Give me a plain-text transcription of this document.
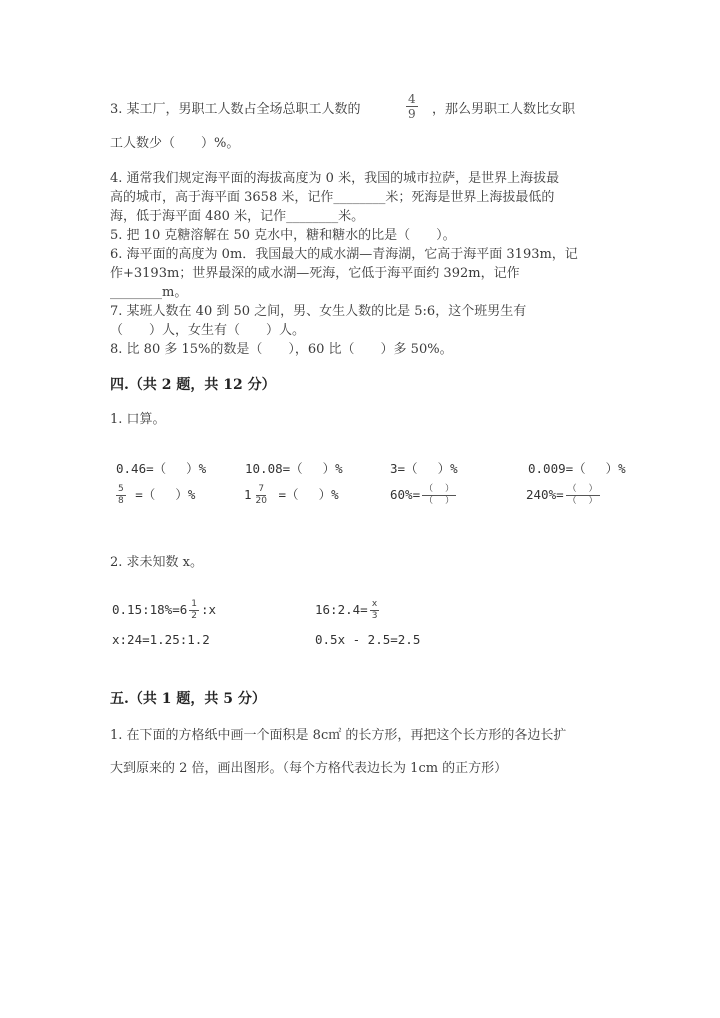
3. 某工厂，男职工人数占全场总职工人数的	$\frac{4}{9}$ ，那么男职工人数比女职
工人数少（　　）%。
4. 通常我们规定海平面的海拔高度为 0 米，我国的城市拉萨，是世界上海拔最
高的城市，高于海平面 3658 米，记作________米；死海是世界上海拔最低的
海，低于海平面 480 米，记作________米。
5. 把 10 克糖溶解在 50 克水中，糖和糖水的比是（　　）。
6. 海平面的高度为 0m．我国最大的咸水湖—青海湖，它高于海平面 3193m，记
作+3193m；世界最深的咸水湖—死海，它低于海平面约 392m，记作
________m。
7. 某班人数在 40 到 50 之间，男、女生人数的比是 5:6，这个班男生有
（　　）人，女生有（　　）人。
8. 比 80 多 15%的数是（　　），60 比（　　）多 50%。
四.（共 2 题，共 12 分）
1. 口算。
0.46=（　 ）%	10.08=（　 ）%	3=（　 ）%	0.009=（　 ）%
$\frac{5}{8}$ =（　 ）%	$1 \frac{7}{20}$ =（　 ）%	$60\%= \frac{( )}{( )}$	$240\%= \frac{( )}{( )}$
2. 求未知数 x。
0.15:18%=6 $\frac{1}{2}$ :x	16:2.4= $\frac{x}{3}$
x:24=1.25:1.2	0.5x - 2.5=2.5
五.（共 1 题，共 5 分）
1. 在下面的方格纸中画一个面积是 8c㎡ 的长方形，再把这个长方形的各边长扩
大到原来的 2 倍，画出图形。（每个方格代表边长为 1cm 的正方形）
